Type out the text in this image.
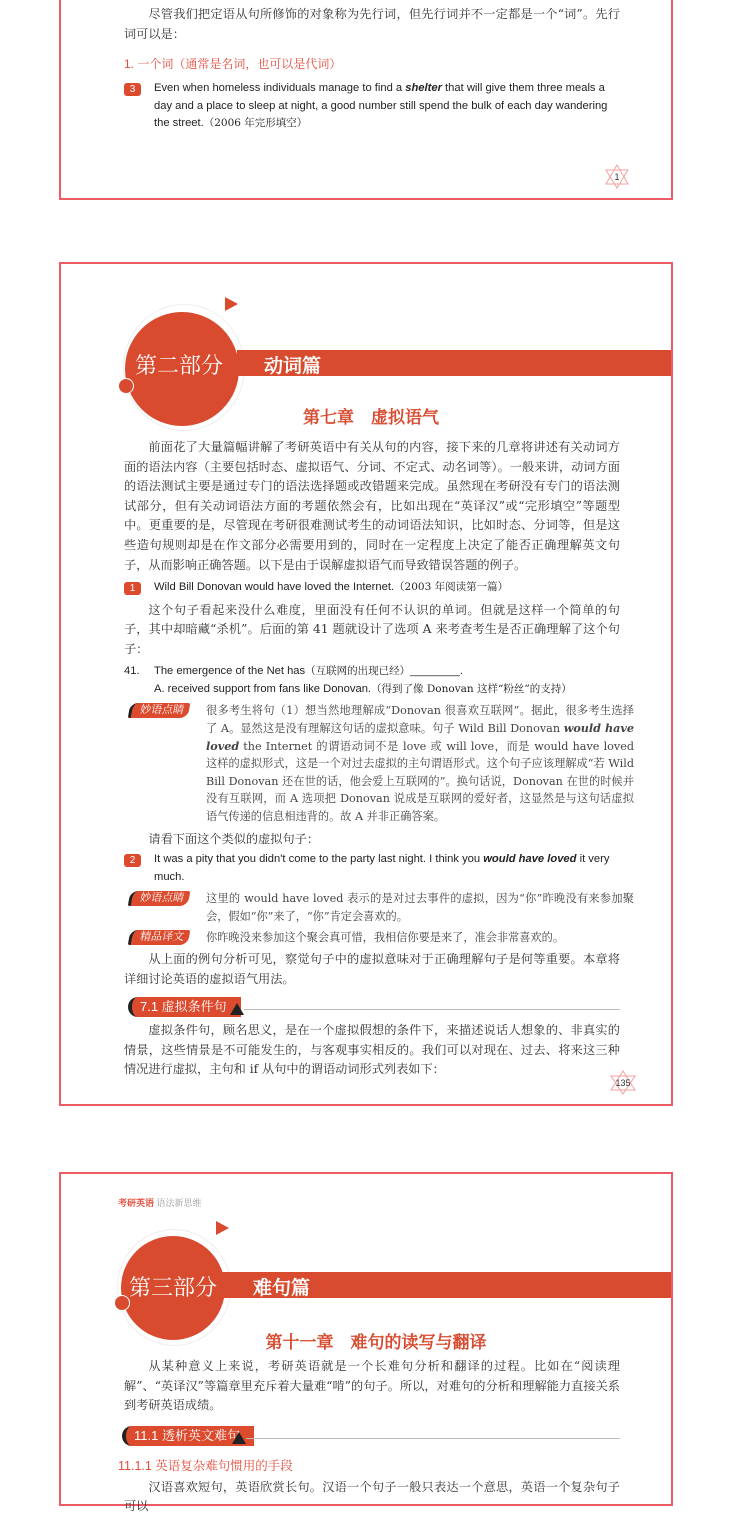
尽管我们把定语从句所修饰的对象称为先行词，但先行词并不一定都是一个“词”。先行词可以是：
1. 一个词（通常是名词，也可以是代词）
3	Even when homeless individuals manage to find a shelter that will give them three meals a day and a place to sleep at night, a good number still spend the bulk of each day wandering the street.（2006 年完形填空）
1
第二部分 动词篇
第七章　虚拟语气
前面花了大量篇幅讲解了考研英语中有关从句的内容，接下来的几章将讲述有关动词方面的语法内容（主要包括时态、虚拟语气、分词、不定式、动名词等）。一般来讲，动词方面的语法测试主要是通过专门的语法选择题或改错题来完成。虽然现在考研没有专门的语法测试部分，但有关动词语法方面的考题依然会有，比如出现在“英译汉”或“完形填空”等题型中。更重要的是，尽管现在考研很难测试考生的动词语法知识，比如时态、分词等，但是这些造句规则却是在作文部分必需要用到的，同时在一定程度上决定了能否正确理解英文句子，从而影响正确答题。以下是由于误解虚拟语气而导致错误答题的例子。
1	Wild Bill Donovan would have loved the Internet.（2003 年阅读第一篇）
这个句子看起来没什么难度，里面没有任何不认识的单词。但就是这样一个简单的句子，其中却暗藏“杀机”。后面的第 41 题就设计了选项 A 来考查考生是否正确理解了这个句子：
41. The emergence of the Net has（互联网的出现已经）________.
A. received support from fans like Donovan.（得到了像 Donovan 这样“粉丝”的支持）
妙语点睛	很多考生将句（1）想当然地理解成“Donovan 很喜欢互联网”。据此，很多考生选择了 A。显然这是没有理解这句话的虚拟意味。句子 Wild Bill Donovan would have loved the Internet 的谓语动词不是 love 或 will love，而是 would have loved 这样的虚拟形式，这是一个对过去虚拟的主句谓语形式。这个句子应该理解成“若 Wild Bill Donovan 还在世的话，他会爱上互联网的”。换句话说，Donovan 在世的时候并没有互联网，而 A 选项把 Donovan 说成是互联网的爱好者，这显然是与这句话虚拟语气传递的信息相违背的。故 A 并非正确答案。
请看下面这个类似的虚拟句子：
2	It was a pity that you didn't come to the party last night. I think you would have loved it very much.
妙语点睛	这里的 would have loved 表示的是对过去事件的虚拟，因为“你”昨晚没有来参加聚会，假如“你”来了，“你”肯定会喜欢的。
精品译文	你昨晚没来参加这个聚会真可惜，我相信你要是来了，准会非常喜欢的。
从上面的例句分析可见，察觉句子中的虚拟意味对于正确理解句子是何等重要。本章将详细讨论英语的虚拟语气用法。
7.1 虚拟条件句
虚拟条件句，顾名思义，是在一个虚拟假想的条件下，来描述说话人想象的、非真实的情景，这些情景是不可能发生的，与客观事实相反的。我们可以对现在、过去、将来这三种情况进行虚拟，主句和 if 从句中的谓语动词形式列表如下：
135
考研英语 语法新思维
第三部分 难句篇
第十一章　难句的读写与翻译
从某种意义上来说，考研英语就是一个长难句分析和翻译的过程。比如在“阅读理解”、“英译汉”等篇章里充斥着大量难“啃”的句子。所以，对难句的分析和理解能力直接关系到考研英语成绩。
11.1 透析英文难句
11.1.1 英语复杂难句惯用的手段
汉语喜欢短句，英语欣赏长句。汉语一个句子一般只表达一个意思，英语一个复杂句子可以
